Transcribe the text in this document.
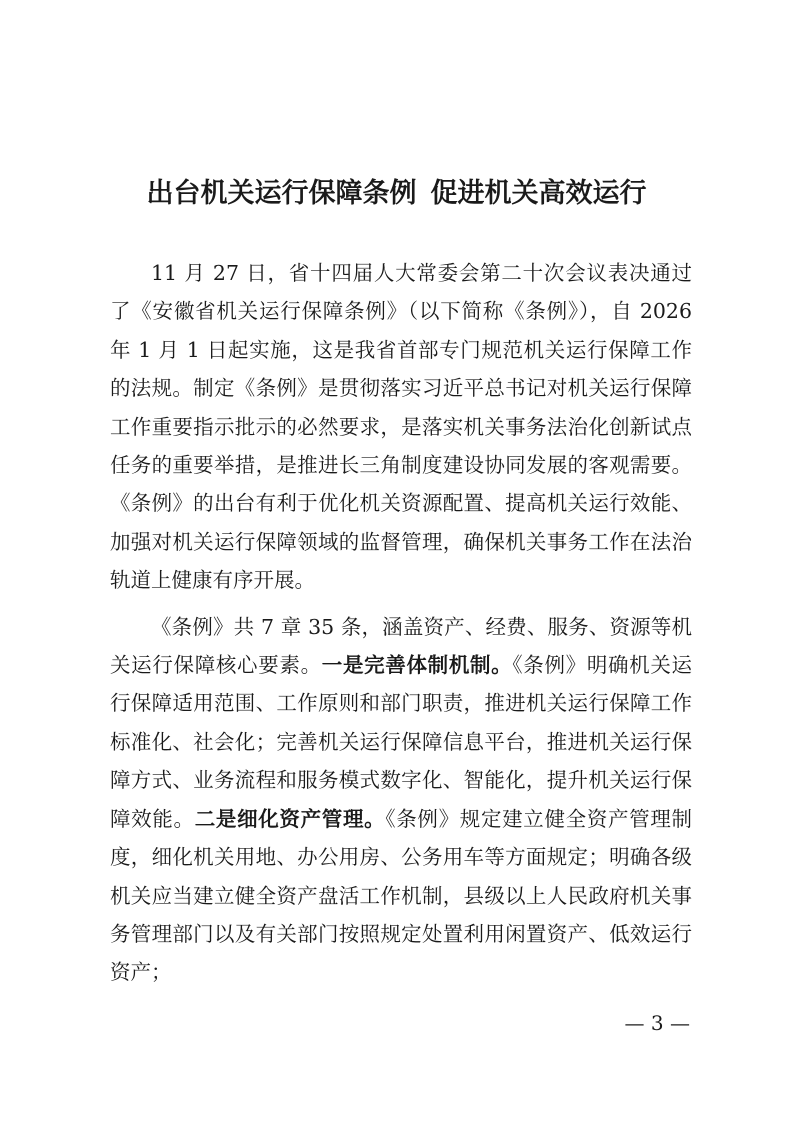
出台机关运行保障条例 促进机关高效运行

11 月 27 日，省十四届人大常委会第二十次会议表决通过了《安徽省机关运行保障条例》（以下简称《条例》），自 2026 年 1 月 1 日起实施，这是我省首部专门规范机关运行保障工作的法规。制定《条例》是贯彻落实习近平总书记对机关运行保障工作重要指示批示的必然要求，是落实机关事务法治化创新试点任务的重要举措，是推进长三角制度建设协同发展的客观需要。《条例》的出台有利于优化机关资源配置、提高机关运行效能、加强对机关运行保障领域的监督管理，确保机关事务工作在法治轨道上健康有序开展。

《条例》共 7 章 35 条，涵盖资产、经费、服务、资源等机关运行保障核心要素。一是完善体制机制。《条例》明确机关运行保障适用范围、工作原则和部门职责，推进机关运行保障工作标准化、社会化；完善机关运行保障信息平台，推进机关运行保障方式、业务流程和服务模式数字化、智能化，提升机关运行保障效能。二是细化资产管理。《条例》规定建立健全资产管理制度，细化机关用地、办公用房、公务用车等方面规定；明确各级机关应当建立健全资产盘活工作机制，县级以上人民政府机关事务管理部门以及有关部门按照规定处置利用闲置资产、低效运行资产；

— 3 —
